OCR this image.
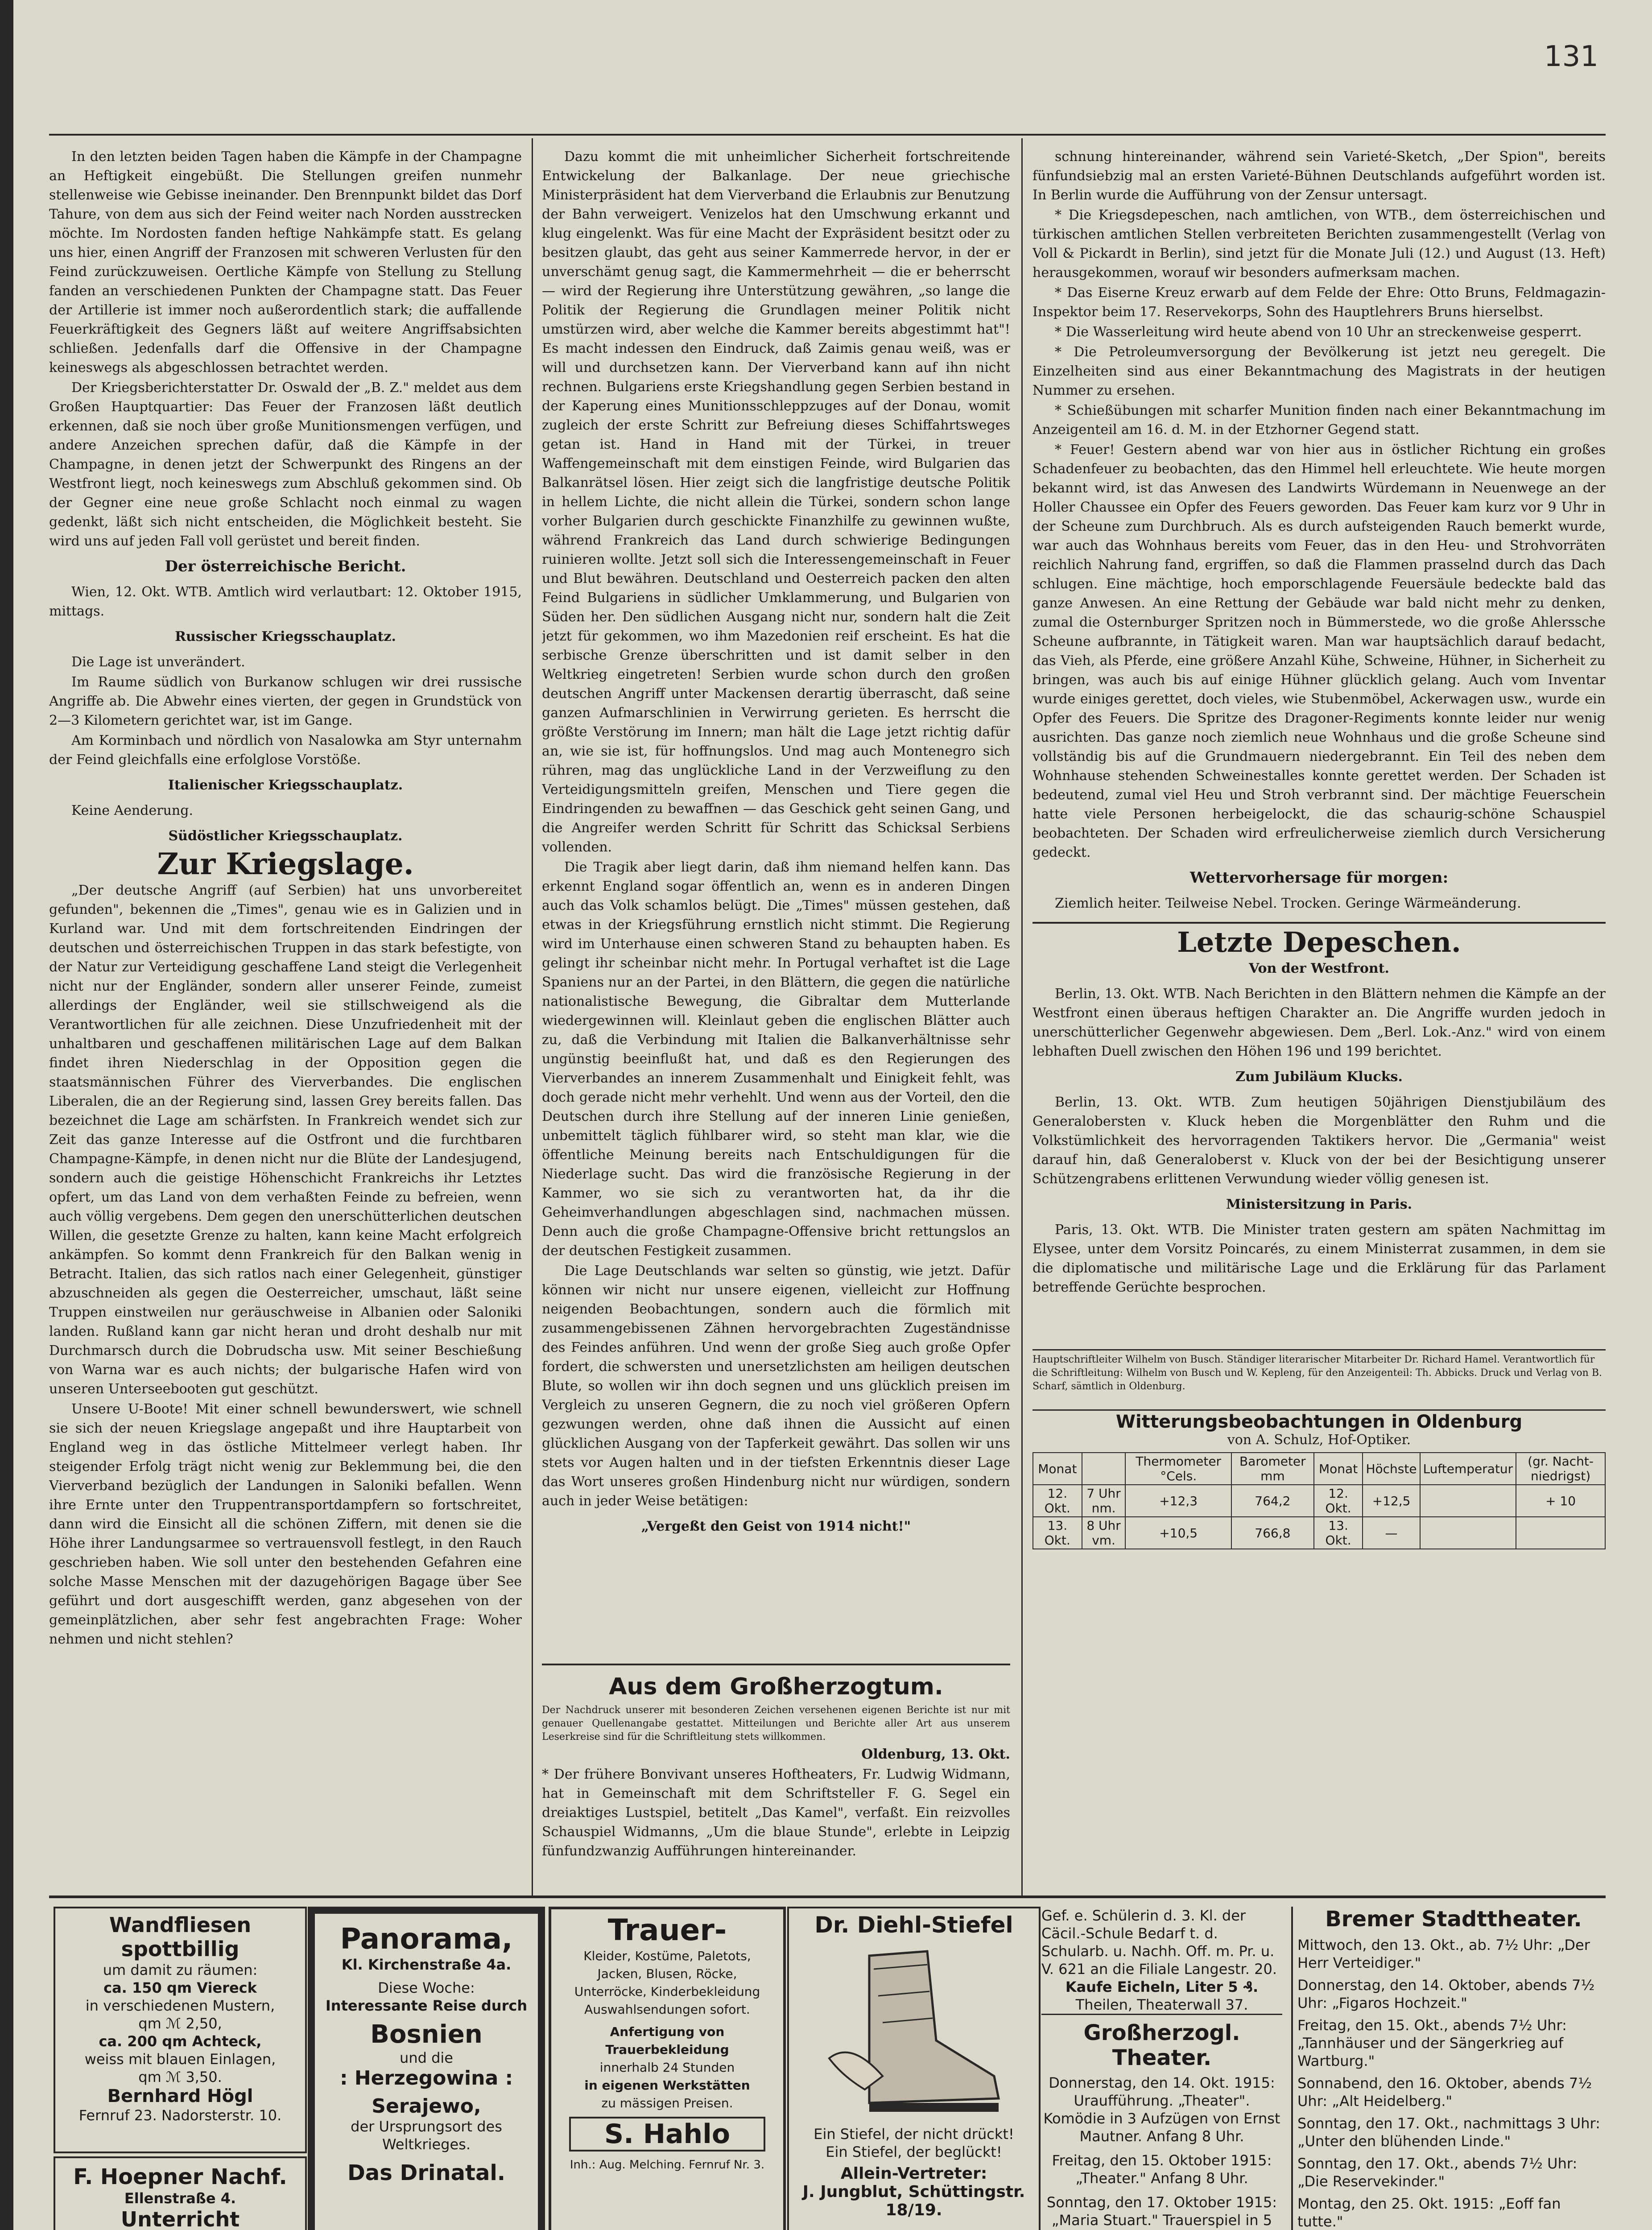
131

In den letzten beiden Tagen haben die Kämpfe in der Champagne an Heftigkeit eingebüßt. Die Stellungen greifen nunmehr stellenweise wie Gebisse ineinander. Den Brennpunkt bildet das Dorf Tahure, von dem aus sich der Feind weiter nach Norden ausstrecken möchte. Im Nordosten fanden heftige Nahkämpfe statt. Es gelang uns hier, einen Angriff der Franzosen mit schweren Verlusten für den Feind zurückzuweisen. Oertliche Kämpfe von Stellung zu Stellung fanden an verschiedenen Punkten der Champagne statt. Das Feuer der Artillerie ist immer noch außerordentlich stark; die auffallende Feuerkräftigkeit des Gegners läßt auf weitere Angriffsabsichten schließen. Jedenfalls darf die Offensive in der Champagne keineswegs als abgeschlossen betrachtet werden.

Der Kriegsberichterstatter Dr. Oswald der „B. Z." meldet aus dem Großen Hauptquartier: Das Feuer der Franzosen läßt deutlich erkennen, daß sie noch über große Munitionsmengen verfügen, und andere Anzeichen sprechen dafür, daß die Kämpfe in der Champagne, in denen jetzt der Schwerpunkt des Ringens an der Westfront liegt, noch keineswegs zum Abschluß gekommen sind. Ob der Gegner eine neue große Schlacht noch einmal zu wagen gedenkt, läßt sich nicht entscheiden, die Möglichkeit besteht. Sie wird uns auf jeden Fall voll gerüstet und bereit finden.

Der österreichische Bericht.

Wien, 12. Okt. WTB. Amtlich wird verlautbart: 12. Oktober 1915, mittags.

Russischer Kriegsschauplatz.

Die Lage ist unverändert.

Im Raume südlich von Burkanow schlugen wir drei russische Angriffe ab. Die Abwehr eines vierten, der gegen in Grundstück von 2—3 Kilometern gerichtet war, ist im Gange.

Am Korminbach und nördlich von Nasalowka am Styr unternahm der Feind gleichfalls eine erfolglose Vorstöße.

Italienischer Kriegsschauplatz.

Keine Aenderung.

Südöstlicher Kriegsschauplatz.
Zur Kriegslage.

„Der deutsche Angriff (auf Serbien) hat uns unvorbereitet gefunden", bekennen die „Times", genau wie es in Galizien und in Kurland war. Und mit dem fortschreitenden Eindringen der deutschen und österreichischen Truppen in das stark befestigte, von der Natur zur Verteidigung geschaffene Land steigt die Verlegenheit nicht nur der Engländer, sondern aller unserer Feinde, zumeist allerdings der Engländer, weil sie stillschweigend als die Verantwortlichen für alle zeichnen. Diese Unzufriedenheit mit der unhaltbaren und geschaffenen militärischen Lage auf dem Balkan findet ihren Niederschlag in der Opposition gegen die staatsmännischen Führer des Vierverbandes. Die englischen Liberalen, die an der Regierung sind, lassen Grey bereits fallen. Das bezeichnet die Lage am schärfsten. In Frankreich wendet sich zur Zeit das ganze Interesse auf die Ostfront und die furchtbaren Champagne-Kämpfe, in denen nicht nur die Blüte der Landesjugend, sondern auch die geistige Höhenschicht Frankreichs ihr Letztes opfert, um das Land von dem verhaßten Feinde zu befreien, wenn auch völlig vergebens. Dem gegen den unerschütterlichen deutschen Willen, die gesetzte Grenze zu halten, kann keine Macht erfolgreich ankämpfen. So kommt denn Frankreich für den Balkan wenig in Betracht. Italien, das sich ratlos nach einer Gelegenheit, günstiger abzuschneiden als gegen die Oesterreicher, umschaut, läßt seine Truppen einstweilen nur geräuschweise in Albanien oder Saloniki landen. Rußland kann gar nicht heran und droht deshalb nur mit Durchmarsch durch die Dobrudscha usw. Mit seiner Beschießung von Warna war es auch nichts; der bulgarische Hafen wird von unseren Unterseebooten gut geschützt.

Unsere U-Boote! Mit einer schnell bewunderswert, wie schnell sie sich der neuen Kriegslage angepaßt und ihre Hauptarbeit von England weg in das östliche Mittelmeer verlegt haben. Ihr steigender Erfolg trägt nicht wenig zur Beklemmung bei, die den Vierverband bezüglich der Landungen in Saloniki befallen. Wenn ihre Ernte unter den Truppentransportdampfern so fortschreitet, dann wird die Einsicht all die schönen Ziffern, mit denen sie die Höhe ihrer Landungsarmee so vertrauensvoll festlegt, in den Rauch geschrieben haben. Wie soll unter den bestehenden Gefahren eine solche Masse Menschen mit der dazugehörigen Bagage über See geführt und dort ausgeschifft werden, ganz abgesehen von der gemeinplätzlichen, aber sehr fest angebrachten Frage: Woher nehmen und nicht stehlen?

Dazu kommt die mit unheimlicher Sicherheit fortschreitende Entwickelung der Balkanlage. Der neue griechische Ministerpräsident hat dem Vierverband die Erlaubnis zur Benutzung der Bahn verweigert. Venizelos hat den Umschwung erkannt und klug eingelenkt. Was für eine Macht der Expräsident besitzt oder zu besitzen glaubt, das geht aus seiner Kammerrede hervor, in der er unverschämt genug sagt, die Kammermehrheit — die er beherrscht — wird der Regierung ihre Unterstützung gewähren, „so lange die Politik der Regierung die Grundlagen meiner Politik nicht umstürzen wird, aber welche die Kammer bereits abgestimmt hat"! Es macht indessen den Eindruck, daß Zaimis genau weiß, was er will und durchsetzen kann. Der Vierverband kann auf ihn nicht rechnen. Bulgariens erste Kriegshandlung gegen Serbien bestand in der Kaperung eines Munitionsschleppzuges auf der Donau, womit zugleich der erste Schritt zur Befreiung dieses Schiffahrtsweges getan ist. Hand in Hand mit der Türkei, in treuer Waffengemeinschaft mit dem einstigen Feinde, wird Bulgarien das Balkanrätsel lösen. Hier zeigt sich die langfristige deutsche Politik in hellem Lichte, die nicht allein die Türkei, sondern schon lange vorher Bulgarien durch geschickte Finanzhilfe zu gewinnen wußte, während Frankreich das Land durch schwierige Bedingungen ruinieren wollte. Jetzt soll sich die Interessengemeinschaft in Feuer und Blut bewähren. Deutschland und Oesterreich packen den alten Feind Bulgariens in südlicher Umklammerung, und Bulgarien von Süden her. Den südlichen Ausgang nicht nur, sondern halt die Zeit jetzt für gekommen, wo ihm Mazedonien reif erscheint. Es hat die serbische Grenze überschritten und ist damit selber in den Weltkrieg eingetreten! Serbien wurde schon durch den großen deutschen Angriff unter Mackensen derartig überrascht, daß seine ganzen Aufmarschlinien in Verwirrung gerieten. Es herrscht die größte Verstörung im Innern; man hält die Lage jetzt richtig dafür an, wie sie ist, für hoffnungslos. Und mag auch Montenegro sich rühren, mag das unglückliche Land in der Verzweiflung zu den Verteidigungsmitteln greifen, Menschen und Tiere gegen die Eindringenden zu bewaffnen — das Geschick geht seinen Gang, und die Angreifer werden Schritt für Schritt das Schicksal Serbiens vollenden.

Die Tragik aber liegt darin, daß ihm niemand helfen kann. Das erkennt England sogar öffentlich an, wenn es in anderen Dingen auch das Volk schamlos belügt. Die „Times" müssen gestehen, daß etwas in der Kriegsführung ernstlich nicht stimmt. Die Regierung wird im Unterhause einen schweren Stand zu behaupten haben. Es gelingt ihr scheinbar nicht mehr. In Portugal verhaftet ist die Lage Spaniens nur an der Partei, in den Blättern, die gegen die natürliche nationalistische Bewegung, die Gibraltar dem Mutterlande wiedergewinnen will. Kleinlaut geben die englischen Blätter auch zu, daß die Verbindung mit Italien die Balkanverhältnisse sehr ungünstig beeinflußt hat, und daß es den Regierungen des Vierverbandes an innerem Zusammenhalt und Einigkeit fehlt, was doch gerade nicht mehr verhehlt. Und wenn aus der Vorteil, den die Deutschen durch ihre Stellung auf der inneren Linie genießen, unbemittelt täglich fühlbarer wird, so steht man klar, wie die öffentliche Meinung bereits nach Entschuldigungen für die Niederlage sucht. Das wird die französische Regierung in der Kammer, wo sie sich zu verantworten hat, da ihr die Geheimverhandlungen abgeschlagen sind, nachmachen müssen. Denn auch die große Champagne-Offensive bricht rettungslos an der deutschen Festigkeit zusammen.

Die Lage Deutschlands war selten so günstig, wie jetzt. Dafür können wir nicht nur unsere eigenen, vielleicht zur Hoffnung neigenden Beobachtungen, sondern auch die förmlich mit zusammengebissenen Zähnen hervorgebrachten Zugeständnisse des Feindes anführen. Und wenn der große Sieg auch große Opfer fordert, die schwersten und unersetzlichsten am heiligen deutschen Blute, so wollen wir ihn doch segnen und uns glücklich preisen im Vergleich zu unseren Gegnern, die zu noch viel größeren Opfern gezwungen werden, ohne daß ihnen die Aussicht auf einen glücklichen Ausgang von der Tapferkeit gewährt. Das sollen wir uns stets vor Augen halten und in der tiefsten Erkenntnis dieser Lage das Wort unseres großen Hindenburg nicht nur würdigen, sondern auch in jeder Weise betätigen:

„Vergeßt den Geist von 1914 nicht!"
Aus dem Großherzogtum.
Der Nachdruck unserer mit besonderen Zeichen versehenen eigenen Berichte ist nur mit genauer Quellenangabe gestattet. Mitteilungen und Berichte aller Art aus unserem Leserkreise sind für die Schriftleitung stets willkommen.
Oldenburg, 13. Okt.
* Der frühere Bonvivant unseres Hoftheaters, Fr. Ludwig Widmann, hat in Gemeinschaft mit dem Schriftsteller F. G. Segel ein dreiaktiges Lustspiel, betitelt „Das Kamel", verfaßt. Ein reizvolles Schauspiel Widmanns, „Um die blaue Stunde", erlebte in Leipzig fünfundzwanzig Aufführungen hintereinander.

schnung hintereinander, während sein Varieté-Sketch, „Der Spion", bereits fünfundsiebzig mal an ersten Varieté-Bühnen Deutschlands aufgeführt worden ist. In Berlin wurde die Aufführung von der Zensur untersagt.

* Die Kriegsdepeschen, nach amtlichen, von WTB., dem österreichischen und türkischen amtlichen Stellen verbreiteten Berichten zusammengestellt (Verlag von Voll & Pickardt in Berlin), sind jetzt für die Monate Juli (12.) und August (13. Heft) herausgekommen, worauf wir besonders aufmerksam machen.

* Das Eiserne Kreuz erwarb auf dem Felde der Ehre: Otto Bruns, Feldmagazin-Inspektor beim 17. Reservekorps, Sohn des Hauptlehrers Bruns hierselbst.

* Die Wasserleitung wird heute abend von 10 Uhr an streckenweise gesperrt.

* Die Petroleumversorgung der Bevölkerung ist jetzt neu geregelt. Die Einzelheiten sind aus einer Bekanntmachung des Magistrats in der heutigen Nummer zu ersehen.

* Schießübungen mit scharfer Munition finden nach einer Bekanntmachung im Anzeigenteil am 16. d. M. in der Etzhorner Gegend statt.

* Feuer! Gestern abend war von hier aus in östlicher Richtung ein großes Schadenfeuer zu beobachten, das den Himmel hell erleuchtete. Wie heute morgen bekannt wird, ist das Anwesen des Landwirts Würdemann in Neuenwege an der Holler Chaussee ein Opfer des Feuers geworden. Das Feuer kam kurz vor 9 Uhr in der Scheune zum Durchbruch. Als es durch aufsteigenden Rauch bemerkt wurde, war auch das Wohnhaus bereits vom Feuer, das in den Heu- und Strohvorräten reichlich Nahrung fand, ergriffen, so daß die Flammen prasselnd durch das Dach schlugen. Eine mächtige, hoch emporschlagende Feuersäule bedeckte bald das ganze Anwesen. An eine Rettung der Gebäude war bald nicht mehr zu denken, zumal die Osternburger Spritzen noch in Bümmerstede, wo die große Ahlerssche Scheune aufbrannte, in Tätigkeit waren. Man war hauptsächlich darauf bedacht, das Vieh, als Pferde, eine größere Anzahl Kühe, Schweine, Hühner, in Sicherheit zu bringen, was auch bis auf einige Hühner glücklich gelang. Auch vom Inventar wurde einiges gerettet, doch vieles, wie Stubenmöbel, Ackerwagen usw., wurde ein Opfer des Feuers. Die Spritze des Dragoner-Regiments konnte leider nur wenig ausrichten. Das ganze noch ziemlich neue Wohnhaus und die große Scheune sind vollständig bis auf die Grundmauern niedergebrannt. Ein Teil des neben dem Wohnhause stehenden Schweinestalles konnte gerettet werden. Der Schaden ist bedeutend, zumal viel Heu und Stroh verbrannt sind. Der mächtige Feuerschein hatte viele Personen herbeigelockt, die das schaurig-schöne Schauspiel beobachteten. Der Schaden wird erfreulicherweise ziemlich durch Versicherung gedeckt.

Wettervorhersage für morgen:

Ziemlich heiter. Teilweise Nebel. Trocken. Geringe Wärmeänderung.

Letzte Depeschen.
Von der Westfront.

Berlin, 13. Okt. WTB. Nach Berichten in den Blättern nehmen die Kämpfe an der Westfront einen überaus heftigen Charakter an. Die Angriffe wurden jedoch in unerschütterlicher Gegenwehr abgewiesen. Dem „Berl. Lok.-Anz." wird von einem lebhaften Duell zwischen den Höhen 196 und 199 berichtet.

Zum Jubiläum Klucks.

Berlin, 13. Okt. WTB. Zum heutigen 50jährigen Dienstjubiläum des Generalobersten v. Kluck heben die Morgenblätter den Ruhm und die Volkstümlichkeit des hervorragenden Taktikers hervor. Die „Germania" weist darauf hin, daß Generaloberst v. Kluck von der bei der Besichtigung unserer Schützengrabens erlittenen Verwundung wieder völlig genesen ist.

Ministersitzung in Paris.

Paris, 13. Okt. WTB. Die Minister traten gestern am späten Nachmittag im Elysee, unter dem Vorsitz Poincarés, zu einem Ministerrat zusammen, in dem sie die diplomatische und militärische Lage und die Erklärung für das Parlament betreffende Gerüchte besprochen.

Hauptschriftleiter Wilhelm von Busch. Ständiger literarischer Mitarbeiter Dr. Richard Hamel. Verantwortlich für die Schriftleitung: Wilhelm von Busch und W. Kepleng, für den Anzeigenteil: Th. Abbicks. Druck und Verlag von B. Scharf, sämtlich in Oldenburg.
Witterungsbeobachtungen in Oldenburg
von A. Schulz, Hof-Optiker.
Monat		Thermometer °Cels.	Barometer mm	Monat	Höchste	Luftemperatur	(gr. Nacht-niedrigst)
12. Okt.	7 Uhr nm.	+12,3	764,2	12. Okt.	+12,5		+ 10
13. Okt.	8 Uhr vm.	+10,5	766,8	13. Okt.	—		
Wandfliesen spottbillig
um damit zu räumen:
ca. 150 qm Viereck
in verschiedenen Mustern,
qm ℳ 2,50,
ca. 200 qm Achteck,
weiss mit blauen Einlagen,
qm ℳ 3,50.
Bernhard Högl
Fernruf 23. Nadorsterstr. 10.
F. Hoepner Nachf.
Ellenstraße 4.
Unterricht
Panorama,
Kl. Kirchenstraße 4a.
Diese Woche:
Interessante Reise durch
Bosnien
und die
: Herzegowina :
Serajewo,
der Ursprungsort des
Weltkrieges.
Das Drinatal.
Trauer-
Kleider, Kostüme, Paletots,
Jacken, Blusen, Röcke,
Unterröcke, Kinderbekleidung
Auswahlsendungen sofort.
Anfertigung von Trauerbekleidung
innerhalb 24 Stunden
in eigenen Werkstätten
zu mässigen Preisen.
S. Hahlo
Inh.: Aug. Melching. Fernruf Nr. 3.
Dr. Diehl-Stiefel
Ein Stiefel, der nicht drückt!
Ein Stiefel, der beglückt!
Allein-Vertreter:
J. Jungblut, Schüttingstr. 18/19.
Gef. e. Schülerin d. 3. Kl. der Cäcil.-Schule Bedarf t. d. Schularb. u. Nachh. Off. m. Pr. u. V. 621 an die Filiale Langestr. 20.
Kaufe Eicheln, Liter 5 ₰.
Theilen, Theaterwall 37.
Großherzogl. Theater.
Donnerstag, den 14. Okt. 1915: Uraufführung. „Theater". Komödie in 3 Aufzügen von Ernst Mautner. Anfang 8 Uhr.
Freitag, den 15. Oktober 1915: „Theater." Anfang 8 Uhr.
Sonntag, den 17. Oktober 1915: „Maria Stuart." Trauerspiel in 5
Bremer Stadttheater.
Mittwoch, den 13. Okt., ab. 7½ Uhr: „Der Herr Verteidiger."
Donnerstag, den 14. Oktober, abends 7½ Uhr: „Figaros Hochzeit."
Freitag, den 15. Okt., abends 7½ Uhr: „Tannhäuser und der Sängerkrieg auf Wartburg."
Sonnabend, den 16. Oktober, abends 7½ Uhr: „Alt Heidelberg."
Sonntag, den 17. Okt., nachmittags 3 Uhr: „Unter den blühenden Linde."
Sonntag, den 17. Okt., abends 7½ Uhr: „Die Reservekinder."
Montag, den 25. Okt. 1915: „Eoff fan tutte."
